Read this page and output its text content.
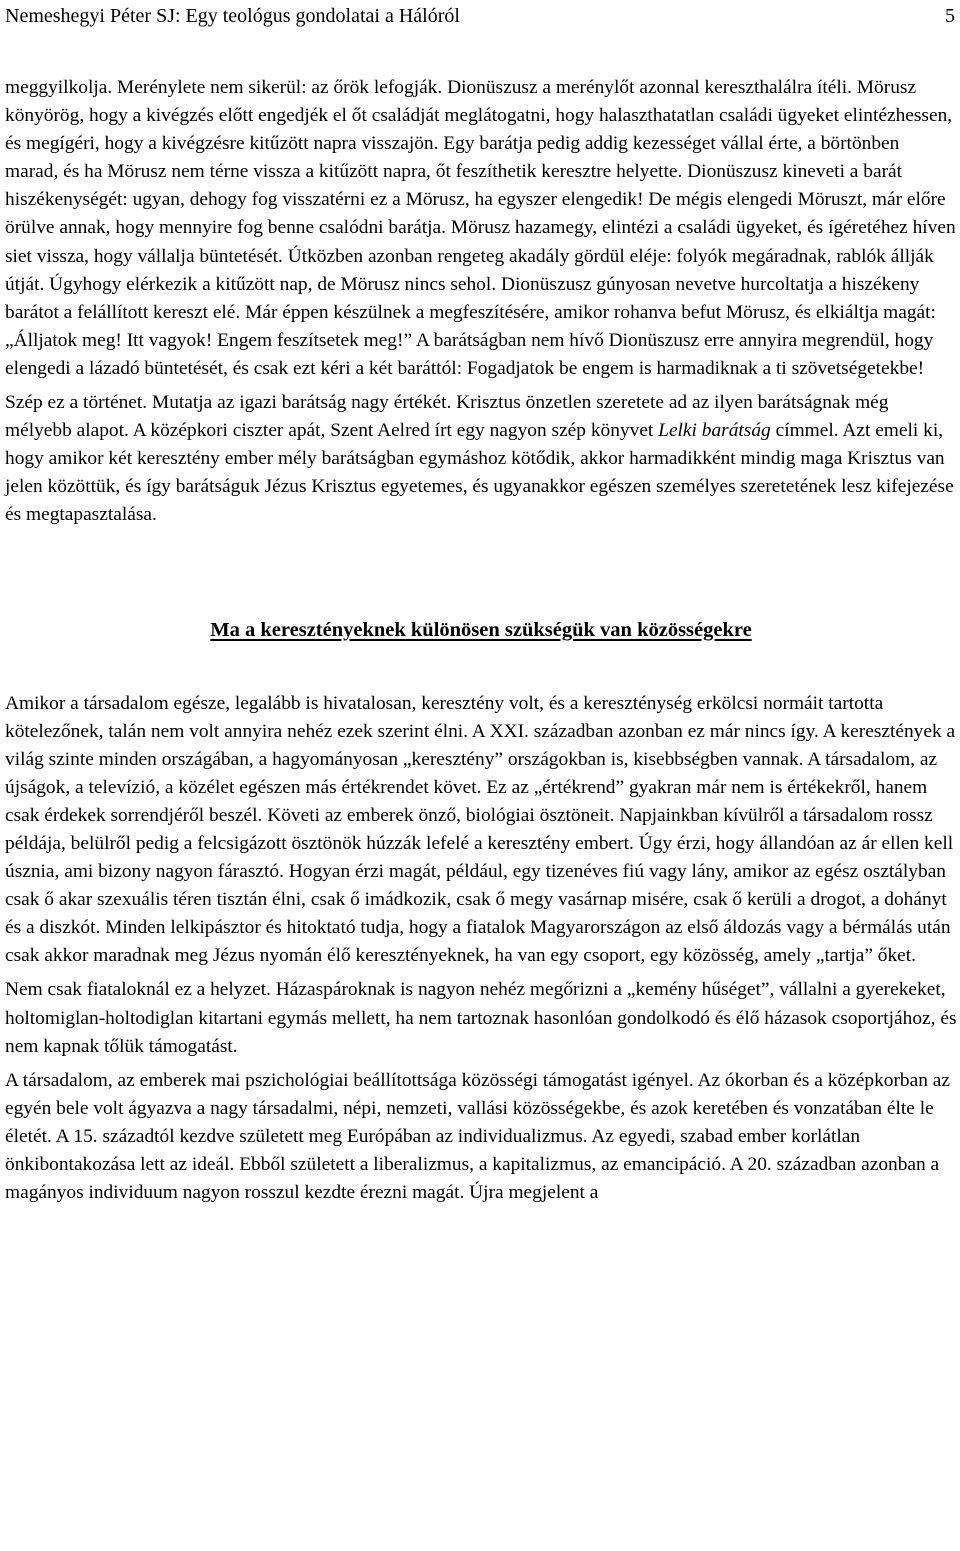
Nemeshegyi Péter SJ: Egy teológus gondolatai a Hálóról	5

meggyilkolja. Merénylete nem sikerül: az őrök lefogják. Dionüszusz a merénylőt azonnal kereszthalálra ítéli. Mörusz könyörög, hogy a kivégzés előtt engedjék el őt családját meglátogatni, hogy halaszthatatlan családi ügyeket elintézhessen, és megígéri, hogy a kivégzésre kitűzött napra visszajön. Egy barátja pedig addig kezességet vállal érte, a börtönben marad, és ha Mörusz nem térne vissza a kitűzött napra, őt feszíthetik keresztre helyette. Dionüszusz kineveti a barát hiszékenységét: ugyan, dehogy fog visszatérni ez a Mörusz, ha egyszer elengedik! De mégis elengedi Möruszt, már előre örülve annak, hogy mennyire fog benne csalódni barátja. Mörusz hazamegy, elintézi a családi ügyeket, és ígéretéhez híven siet vissza, hogy vállalja büntetését. Útközben azonban rengeteg akadály gördül eléje: folyók megáradnak, rablók állják útját. Úgyhogy elérkezik a kitűzött nap, de Mörusz nincs sehol. Dionüszusz gúnyosan nevetve hurcoltatja a hiszékeny barátot a felállított kereszt elé. Már éppen készülnek a megfeszítésére, amikor rohanva befut Mörusz, és elkiáltja magát: „Álljatok meg! Itt vagyok! Engem feszítsetek meg!” A barátságban nem hívő Dionüszusz erre annyira megrendül, hogy elengedi a lázadó büntetését, és csak ezt kéri a két baráttól: Fogadjatok be engem is harmadiknak a ti szövetségetekbe!

Szép ez a történet. Mutatja az igazi barátság nagy értékét. Krisztus önzetlen szeretete ad az ilyen barátságnak még mélyebb alapot. A középkori ciszter apát, Szent Aelred írt egy nagyon szép könyvet Lelki barátság címmel. Azt emeli ki, hogy amikor két keresztény ember mély barátságban egymáshoz kötődik, akkor harmadikként mindig maga Krisztus van jelen közöttük, és így barátságuk Jézus Krisztus egyetemes, és ugyanakkor egészen személyes szeretetének lesz kifejezése és megtapasztalása.

Ma a keresztényeknek különösen szükségük van közösségekre

Amikor a társadalom egésze, legalább is hivatalosan, keresztény volt, és a kereszténység erkölcsi normáit tartotta kötelezőnek, talán nem volt annyira nehéz ezek szerint élni. A XXI. században azonban ez már nincs így. A keresztények a világ szinte minden országában, a hagyományosan „keresztény” országokban is, kisebbségben vannak. A társadalom, az újságok, a televízió, a közélet egészen más értékrendet követ. Ez az „értékrend” gyakran már nem is értékekről, hanem csak érdekek sorrendjéről beszél. Követi az emberek önző, biológiai ösztöneit. Napjainkban kívülről a társadalom rossz példája, belülről pedig a felcsigázott ösztönök húzzák lefelé a keresztény embert. Úgy érzi, hogy állandóan az ár ellen kell úsznia, ami bizony nagyon fárasztó. Hogyan érzi magát, például, egy tizenéves fiú vagy lány, amikor az egész osztályban csak ő akar szexuális téren tisztán élni, csak ő imádkozik, csak ő megy vasárnap misére, csak ő kerüli a drogot, a dohányt és a diszkót. Minden lelkipásztor és hitoktató tudja, hogy a fiatalok Magyarországon az első áldozás vagy a bérmálás után csak akkor maradnak meg Jézus nyomán élő keresztényeknek, ha van egy csoport, egy közösség, amely „tartja” őket.

Nem csak fiataloknál ez a helyzet. Házaspároknak is nagyon nehéz megőrizni a „kemény hűséget”, vállalni a gyerekeket, holtomiglan-holtodiglan kitartani egymás mellett, ha nem tartoznak hasonlóan gondolkodó és élő házasok csoportjához, és nem kapnak tőlük támogatást.

A társadalom, az emberek mai pszichológiai beállítottsága közösségi támogatást igényel. Az ókorban és a középkorban az egyén bele volt ágyazva a nagy társadalmi, népi, nemzeti, vallási közösségekbe, és azok keretében és vonzatában élte le életét. A 15. századtól kezdve született meg Európában az individualizmus. Az egyedi, szabad ember korlátlan önkibontakozása lett az ideál. Ebből született a liberalizmus, a kapitalizmus, az emancipáció. A 20. században azonban a magányos individuum nagyon rosszul kezdte érezni magát. Újra megjelent a
